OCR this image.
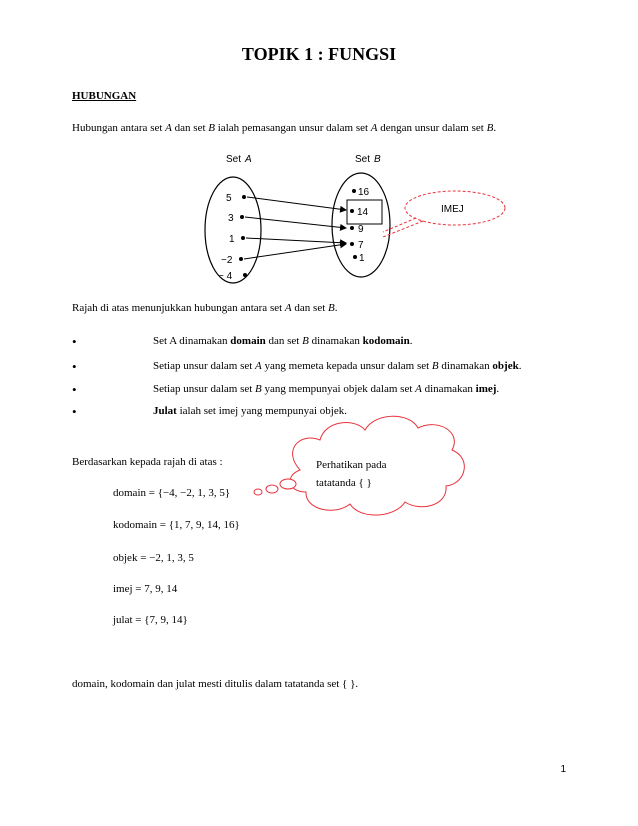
TOPIK 1 : FUNGSI
HUBUNGAN
Hubungan antara set A dan set B ialah pemasangan unsur dalam set A dengan unsur dalam set B.
Set A	Set B
5
3
1
−2
− 4
16
14
9
7
1
IMEJ
Rajah di atas menunjukkan hubungan antara set A dan set B.
•	Set A dinamakan domain dan set B dinamakan kodomain.
•	Setiap unsur dalam set A yang memeta kepada unsur dalam set B dinamakan objek.
•	Setiap unsur dalam set B yang mempunyai objek dalam set A dinamakan imej.
•	Julat ialah set imej yang mempunyai objek.
Berdasarkan kepada rajah di atas :	Perhatikan pada
tatatanda { }
domain = {−4, −2, 1, 3, 5}
kodomain = {1, 7, 9, 14, 16}
objek = −2, 1, 3, 5
imej = 7, 9, 14
julat = {7, 9, 14}
domain, kodomain dan julat mesti ditulis dalam tatatanda set { }.
1
